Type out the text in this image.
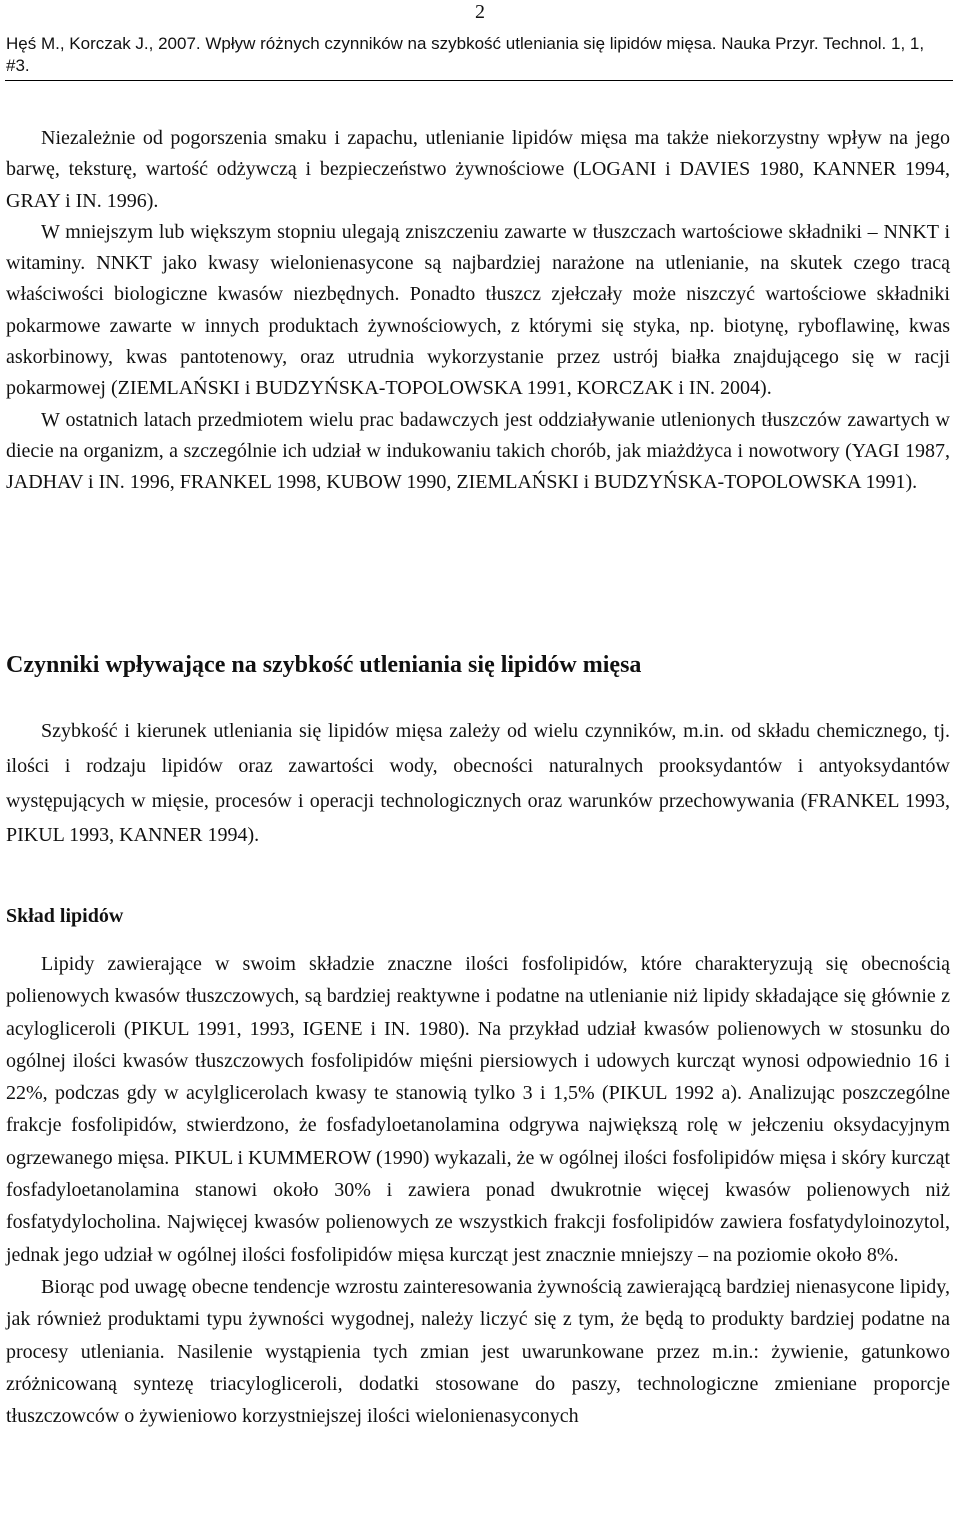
2
Hęś M., Korczak J., 2007. Wpływ różnych czynników na szybkość utleniania się lipidów mięsa. Nauka Przyr. Technol. 1, 1, #3.

Niezależnie od pogorszenia smaku i zapachu, utlenianie lipidów mięsa ma także niekorzystny wpływ na jego barwę, teksturę, wartość odżywczą i bezpieczeństwo żywnościowe (LOGANI i DAVIES 1980, KANNER 1994, GRAY i IN. 1996).

W mniejszym lub większym stopniu ulegają zniszczeniu zawarte w tłuszczach wartościowe składniki – NNKT i witaminy. NNKT jako kwasy wielonienasycone są najbardziej narażone na utlenianie, na skutek czego tracą właściwości biologiczne kwasów niezbędnych. Ponadto tłuszcz zjełczały może niszczyć wartościowe składniki pokarmowe zawarte w innych produktach żywnościowych, z którymi się styka, np. biotynę, ryboflawinę, kwas askorbinowy, kwas pantotenowy, oraz utrudnia wykorzystanie przez ustrój białka znajdującego się w racji pokarmowej (ZIEMLAŃSKI i BUDZYŃSKA-TOPOLOWSKA 1991, KORCZAK i IN. 2004).

W ostatnich latach przedmiotem wielu prac badawczych jest oddziaływanie utlenionych tłuszczów zawartych w diecie na organizm, a szczególnie ich udział w indukowaniu takich chorób, jak miażdżyca i nowotwory (YAGI 1987, JADHAV i IN. 1996, FRANKEL 1998, KUBOW 1990, ZIEMLAŃSKI i BUDZYŃSKA-TOPOLOWSKA 1991).

Czynniki wpływające na szybkość utleniania się lipidów mięsa

Szybkość i kierunek utleniania się lipidów mięsa zależy od wielu czynników, m.in. od składu chemicznego, tj. ilości i rodzaju lipidów oraz zawartości wody, obecności naturalnych prooksydantów i antyoksydantów występujących w mięsie, procesów i operacji technologicznych oraz warunków przechowywania (FRANKEL 1993, PIKUL 1993, KANNER 1994).

Skład lipidów

Lipidy zawierające w swoim składzie znaczne ilości fosfolipidów, które charakteryzują się obecnością polienowych kwasów tłuszczowych, są bardziej reaktywne i podatne na utlenianie niż lipidy składające się głównie z acylogliceroli (PIKUL 1991, 1993, IGENE i IN. 1980). Na przykład udział kwasów polienowych w stosunku do ogólnej ilości kwasów tłuszczowych fosfolipidów mięśni piersiowych i udowych kurcząt wynosi odpowiednio 16 i 22%, podczas gdy w acylglicerolach kwasy te stanowią tylko 3 i 1,5% (PIKUL 1992 a). Analizując poszczególne frakcje fosfolipidów, stwierdzono, że fosfadyloetanolamina odgrywa największą rolę w jełczeniu oksydacyjnym ogrzewanego mięsa. PIKUL i KUMMEROW (1990) wykazali, że w ogólnej ilości fosfolipidów mięsa i skóry kurcząt fosfadyloetanolamina stanowi około 30% i zawiera ponad dwukrotnie więcej kwasów polienowych niż fosfatydylocholina. Najwięcej kwasów polienowych ze wszystkich frakcji fosfolipidów zawiera fosfatydyloinozytol, jednak jego udział w ogólnej ilości fosfolipidów mięsa kurcząt jest znacznie mniejszy – na poziomie około 8%.

Biorąc pod uwagę obecne tendencje wzrostu zainteresowania żywnością zawierającą bardziej nienasycone lipidy, jak również produktami typu żywności wygodnej, należy liczyć się z tym, że będą to produkty bardziej podatne na procesy utleniania. Nasilenie wystąpienia tych zmian jest uwarunkowane przez m.in.: żywienie, gatunkowo zróżnicowaną syntezę triacylogliceroli, dodatki stosowane do paszy, technologiczne zmieniane proporcje tłuszczowców o żywieniowo korzystniejszej ilości wielonienasyconych
